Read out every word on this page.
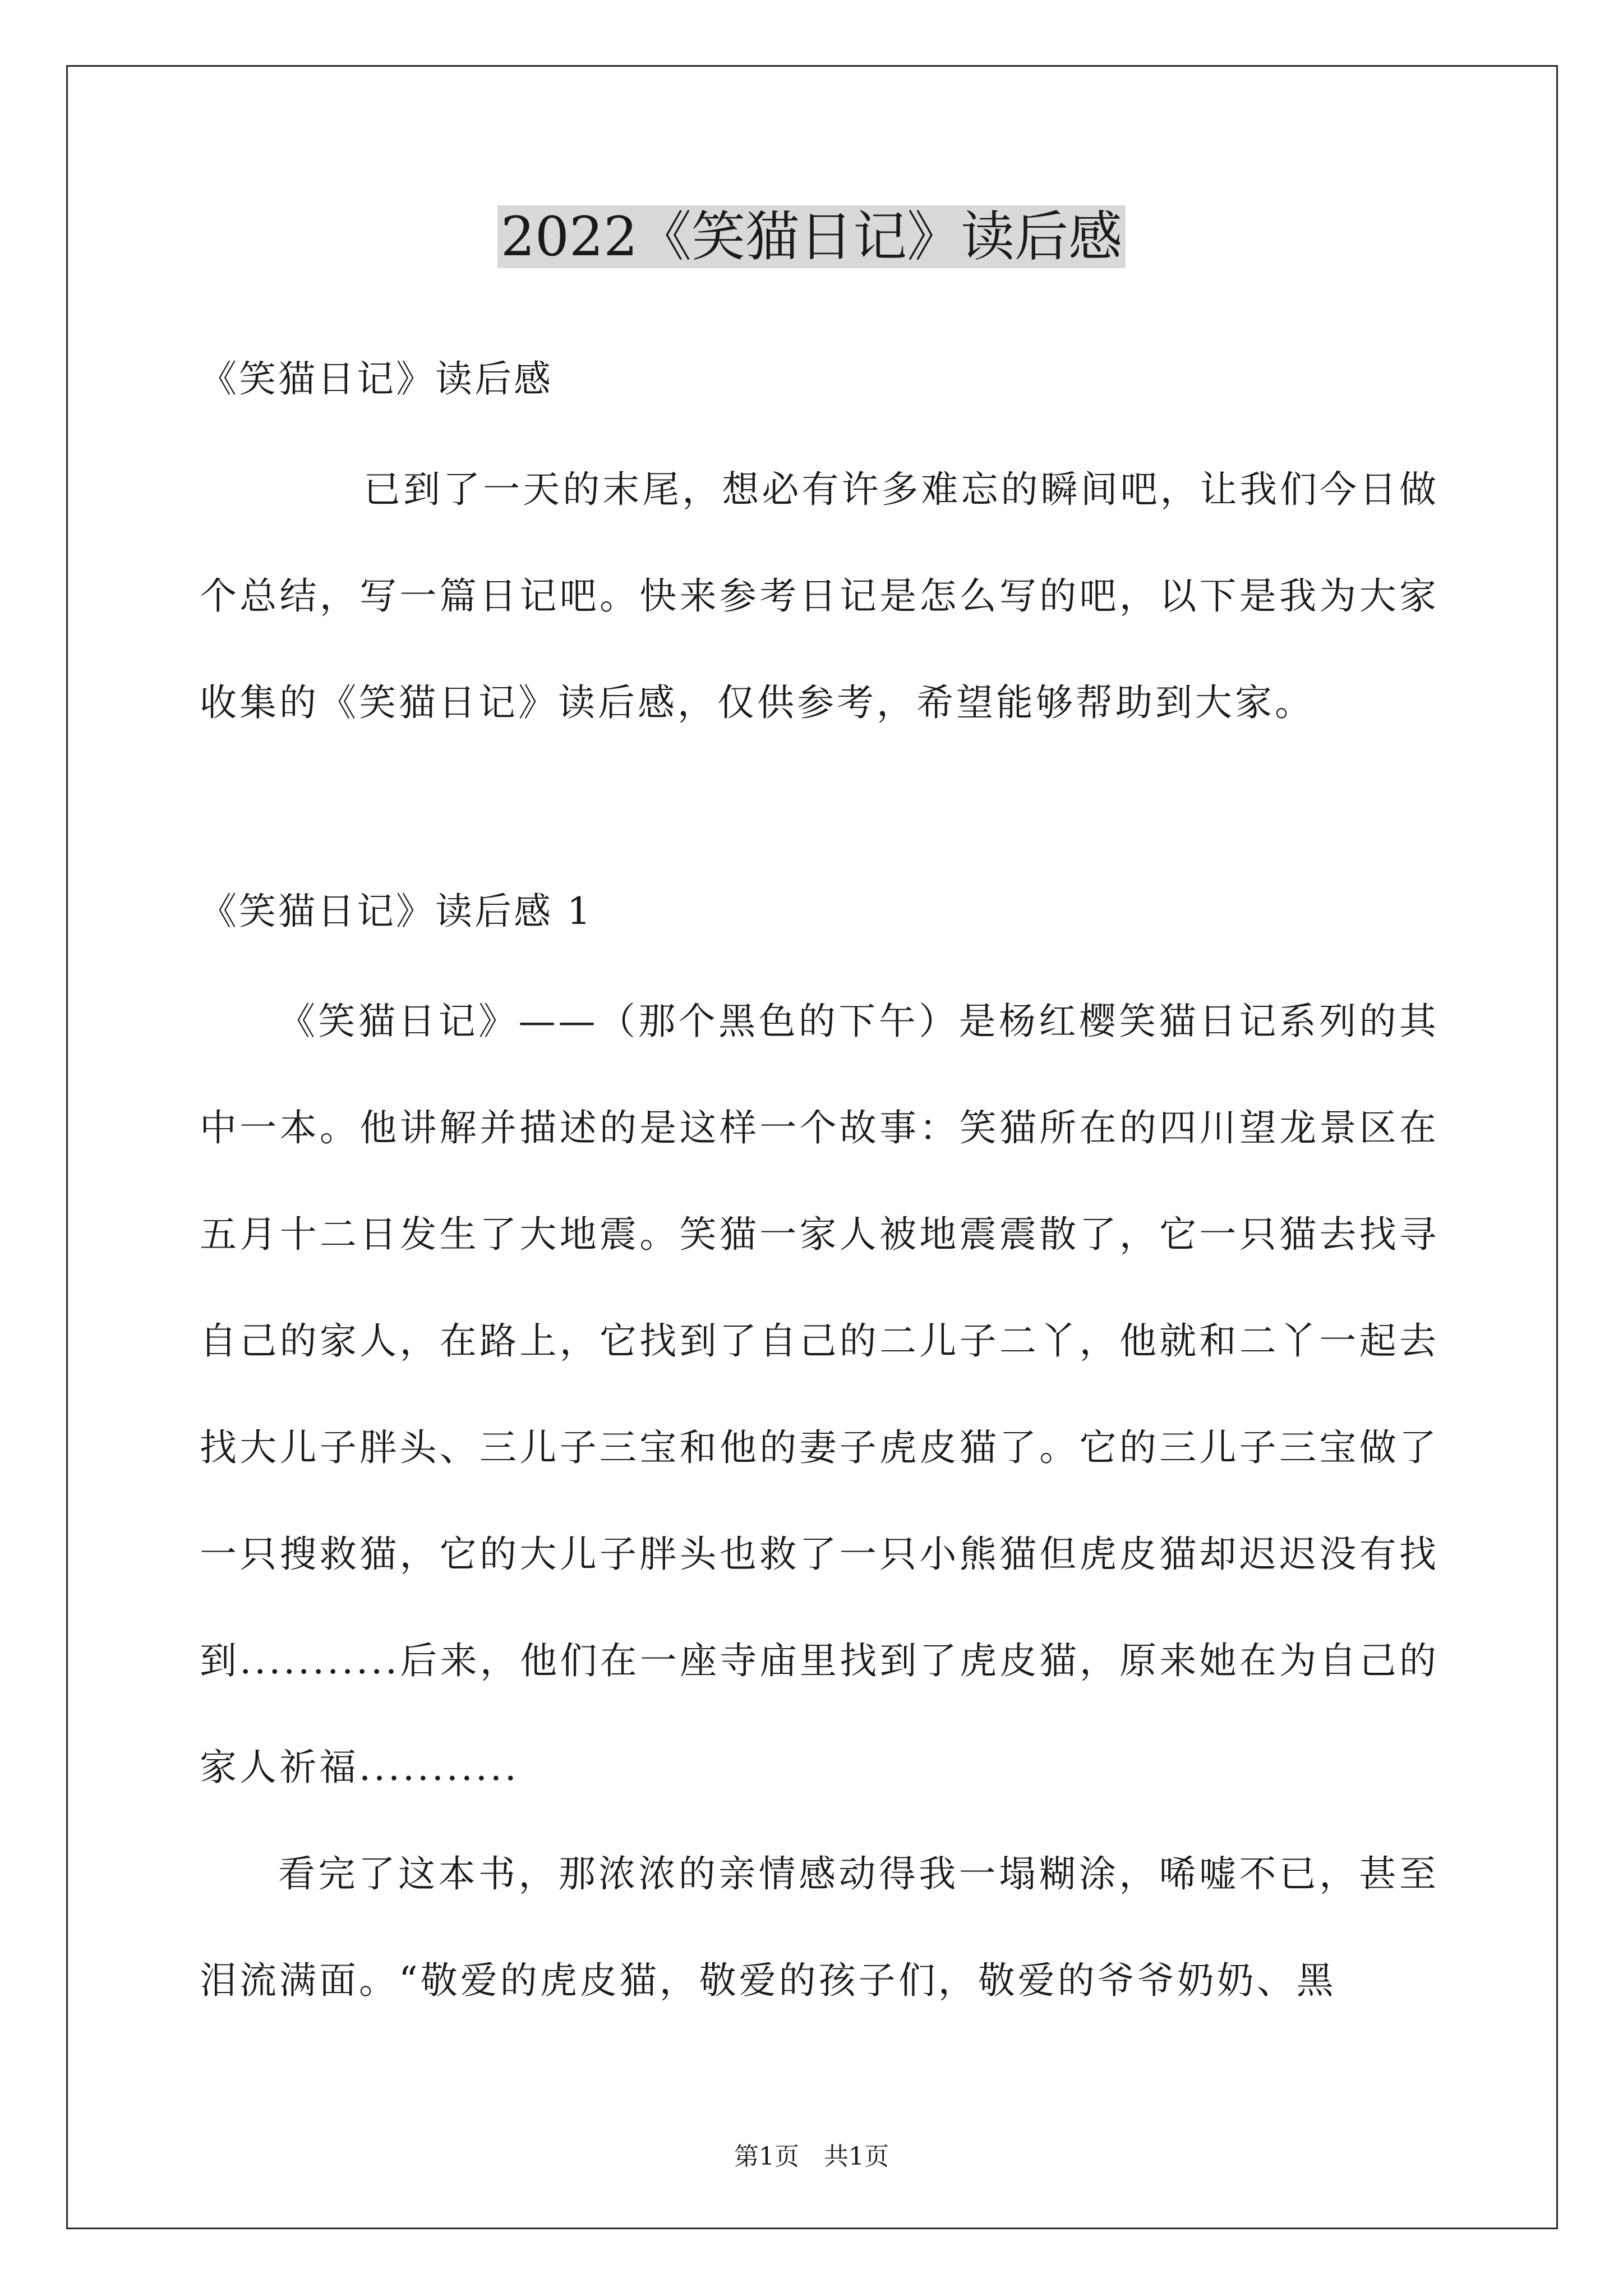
2022《笑猫日记》读后感
《笑猫日记》读后感

已到了一天的末尾，想必有许多难忘的瞬间吧，让我们今日做个总结，写一篇日记吧。快来参考日记是怎么写的吧，以下是我为大家收集的《笑猫日记》读后感，仅供参考，希望能够帮助到大家。

《笑猫日记》读后感 1

《笑猫日记》——（那个黑色的下午）是杨红樱笑猫日记系列的其中一本。他讲解并描述的是这样一个故事：笑猫所在的四川望龙景区在五月十二日发生了大地震。笑猫一家人被地震震散了，它一只猫去找寻自己的家人，在路上，它找到了自己的二儿子二丫，他就和二丫一起去找大儿子胖头、三儿子三宝和他的妻子虎皮猫了。它的三儿子三宝做了一只搜救猫，它的大儿子胖头也救了一只小熊猫但虎皮猫却迟迟没有找到...........后来，他们在一座寺庙里找到了虎皮猫，原来她在为自己的家人祈福...........

看完了这本书，那浓浓的亲情感动得我一塌糊涂，唏嘘不已，甚至泪流满面。“敬爱的虎皮猫，敬爱的孩子们，敬爱的爷爷奶奶、黑

第1页　共1页
